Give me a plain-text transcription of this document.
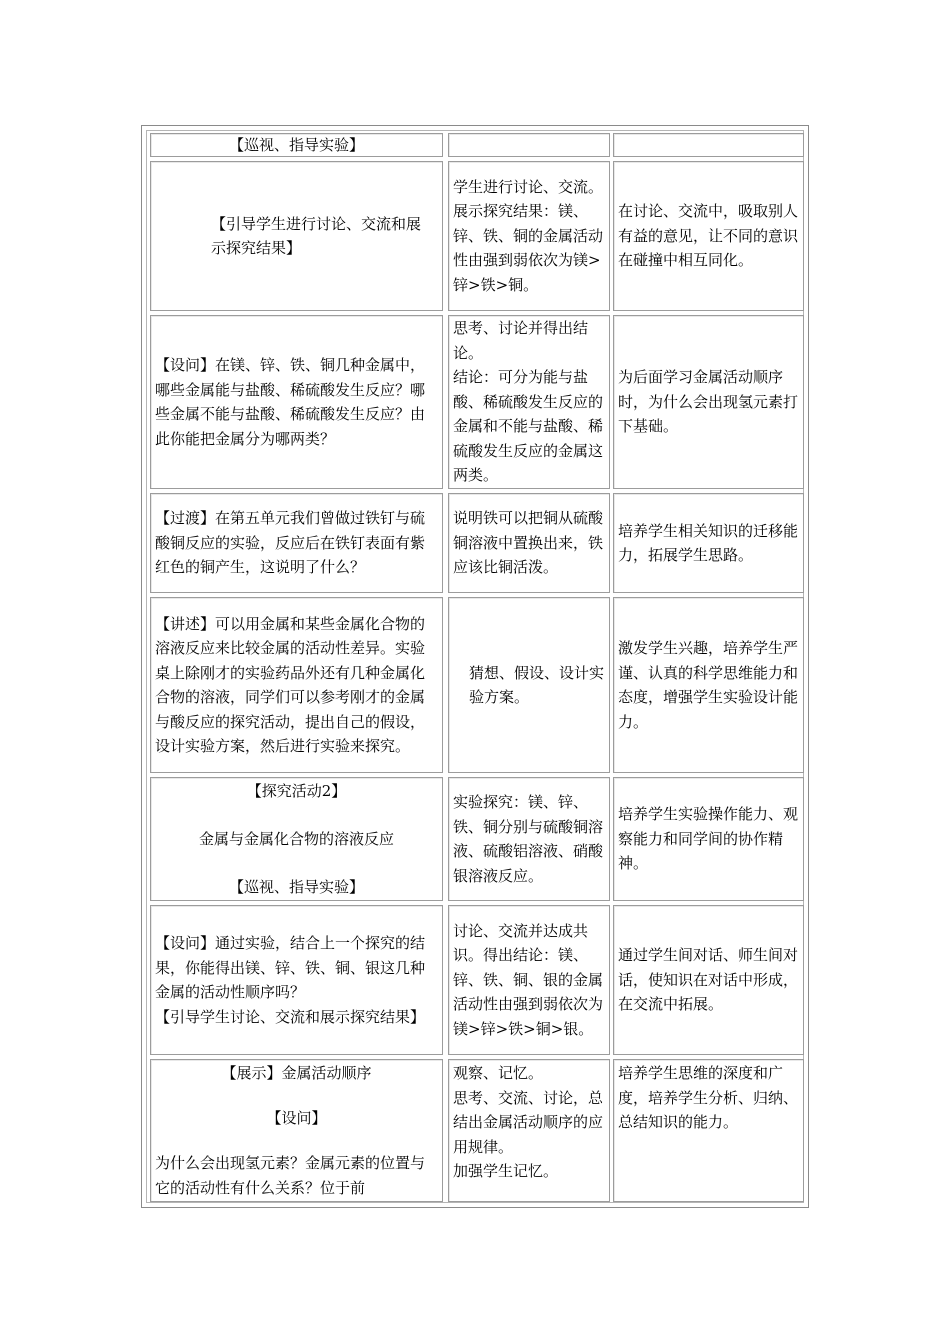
【巡视、指导实验】

【引导学生进行讨论、交流和展示探究结果】

学生进行讨论、交流。展示探究结果：镁、锌、铁、铜的金属活动性由强到弱依次为镁>锌>铁>铜。

在讨论、交流中，吸取别人有益的意见，让不同的意识在碰撞中相互同化。

【设问】在镁、锌、铁、铜几种金属中，哪些金属能与盐酸、稀硫酸发生反应？哪些金属不能与盐酸、稀硫酸发生反应？由此你能把金属分为哪两类？

思考、讨论并得出结论。

结论：可分为能与盐酸、稀硫酸发生反应的金属和不能与盐酸、稀硫酸发生反应的金属这两类。

为后面学习金属活动顺序时，为什么会出现氢元素打下基础。

【过渡】在第五单元我们曾做过铁钉与硫酸铜反应的实验，反应后在铁钉表面有紫红色的铜产生，这说明了什么？

说明铁可以把铜从硫酸铜溶液中置换出来，铁应该比铜活泼。

培养学生相关知识的迁移能力，拓展学生思路。

【讲述】可以用金属和某些金属化合物的溶液反应来比较金属的活动性差异。实验桌上除刚才的实验药品外还有几种金属化合物的溶液，同学们可以参考刚才的金属与酸反应的探究活动，提出自己的假设，设计实验方案，然后进行实验来探究。

猜想、假设、设计实验方案。

激发学生兴趣，培养学生严谨、认真的科学思维能力和态度，增强学生实验设计能力。

【探究活动2】

金属与金属化合物的溶液反应

【巡视、指导实验】

实验探究：镁、锌、铁、铜分别与硫酸铜溶液、硫酸铝溶液、硝酸银溶液反应。

培养学生实验操作能力、观察能力和同学间的协作精神。

【设问】通过实验，结合上一个探究的结果，你能得出镁、锌、铁、铜、银这几种金属的活动性顺序吗？

【引导学生讨论、交流和展示探究结果】

讨论、交流并达成共识。得出结论：镁、锌、铁、铜、银的金属活动性由强到弱依次为镁>锌>铁>铜>银。

通过学生间对话、师生间对话，使知识在对话中形成，在交流中拓展。

【展示】金属活动顺序

【设问】

为什么会出现氢元素？金属元素的位置与它的活动性有什么关系？位于前

观察、记忆。

思考、交流、讨论，总结出金属活动顺序的应用规律。

加强学生记忆。

培养学生思维的深度和广度，培养学生分析、归纳、总结知识的能力。
